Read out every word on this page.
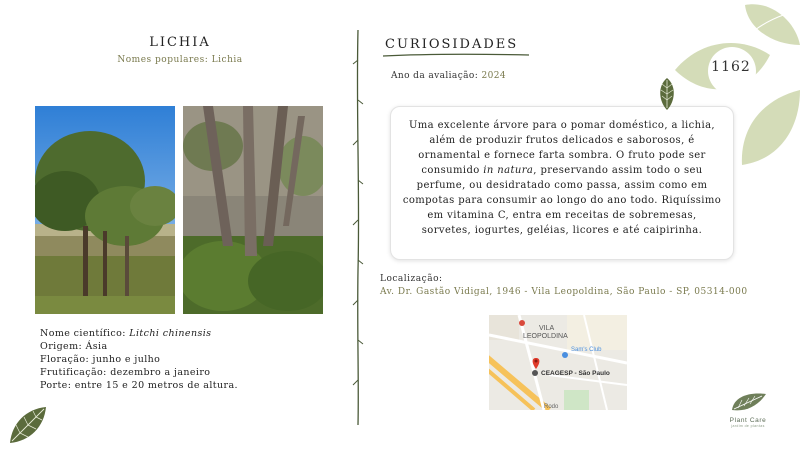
LICHIA
Nomes populares: Lichia
Nome científico: Litchi chinensis
Origem: Ásia
Floração: junho e julho
Frutificação: dezembro a janeiro
Porte: entre 15 e 20 metros de altura.
CURIOSIDADES
Ano da avaliação: 2024
Uma excelente árvore para o pomar doméstico, a lichia, além de produzir frutos delicados e saborosos, é ornamental e fornece farta sombra. O fruto pode ser consumido in natura, preservando assim todo o seu perfume, ou desidratado como passa, assim como em compotas para consumir ao longo do ano todo. Riquíssimo em vitamina C, entra em receitas de sobremesas, sorvetes, iogurtes, geléias, licores e até caipirinha.
Localização:
Av. Dr. Gastão Vidigal, 1946 - Vila Leopoldina, São Paulo - SP, 05314-000
VILA
LEOPOLDINA
Sam's Club
CEAGESP - São Paulo
Rodo
1162
Plant Care
jardim de plantas
